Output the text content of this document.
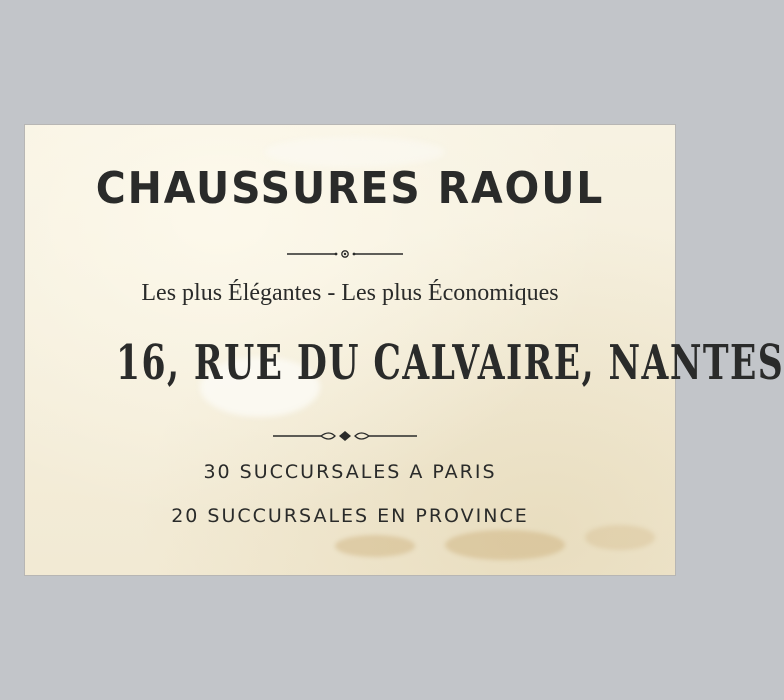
CHAUSSURES RAOUL
Les plus Élégantes - Les plus Économiques
16, RUE DU CALVAIRE, NANTES
30 SUCCURSALES A PARIS
20 SUCCURSALES EN PROVINCE
